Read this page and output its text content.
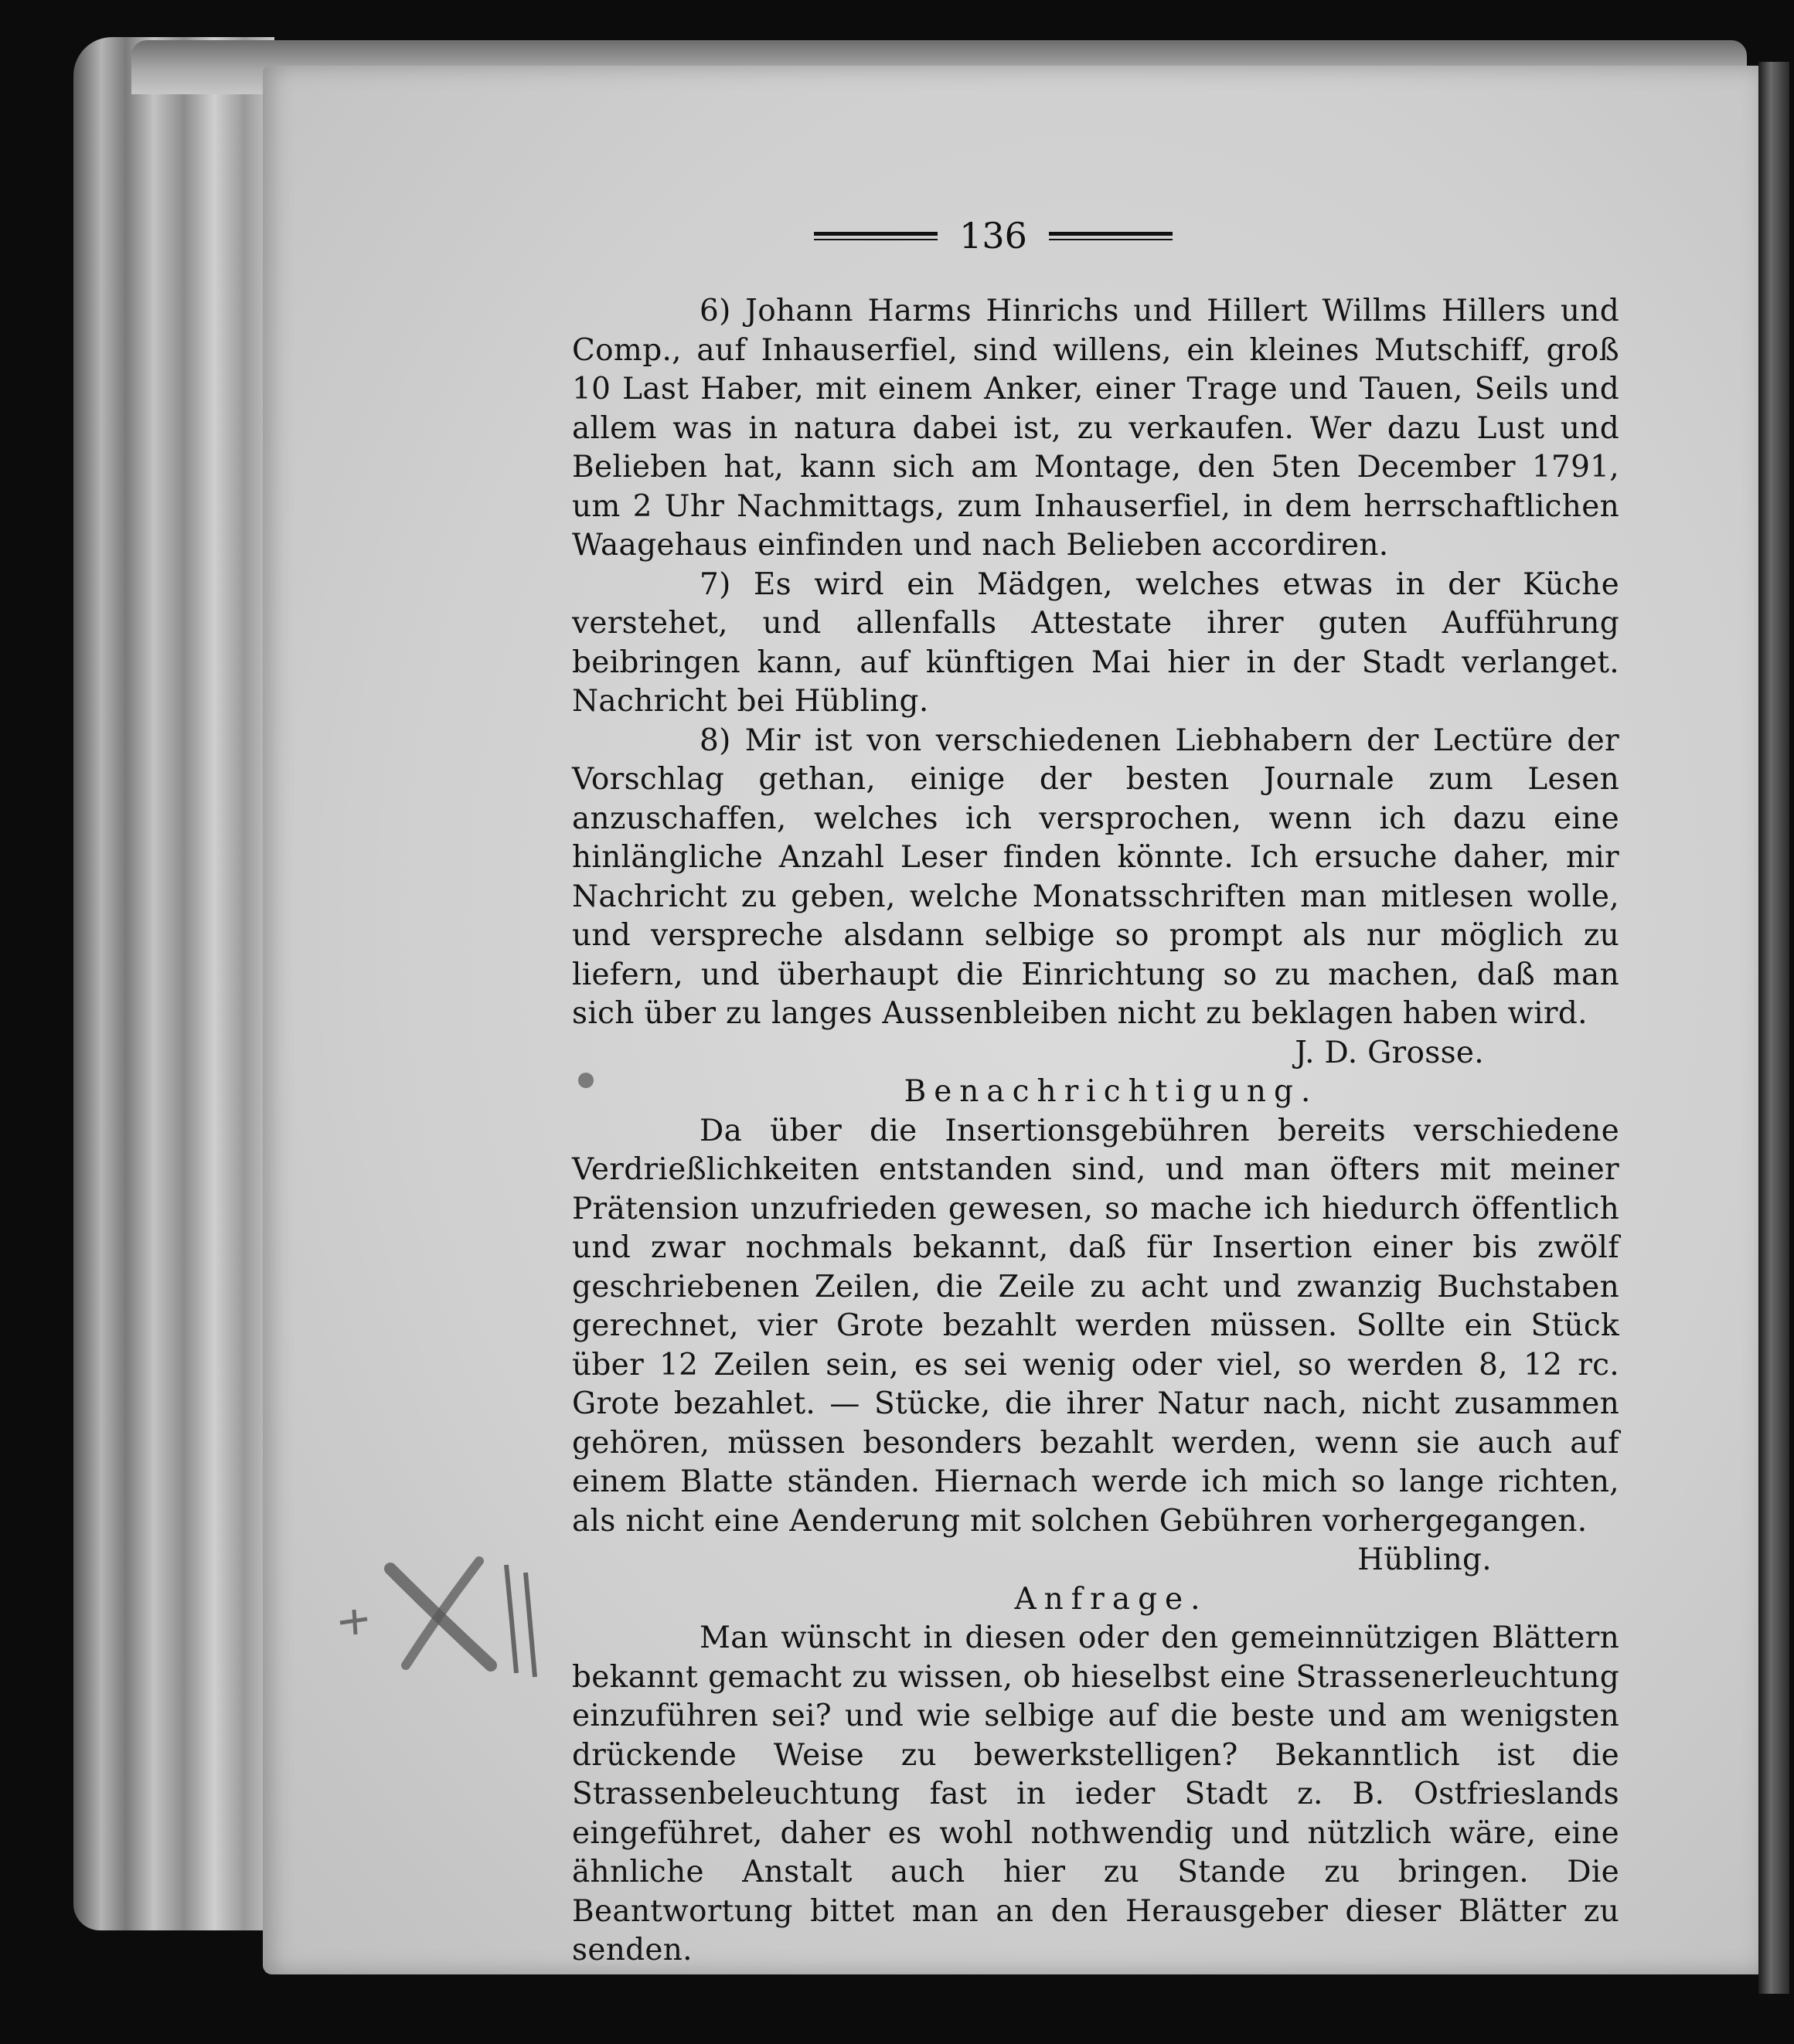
136

6) Johann Harms Hinrichs und Hillert Willms Hillers und Comp., auf Inhauserfiel, sind willens, ein kleines Mutschiff, groß 10 Last Haber, mit einem Anker, einer Trage und Tauen, Seils und allem was in natura dabei ist, zu verkaufen. Wer dazu Lust und Belieben hat, kann sich am Montage, den 5ten December 1791, um 2 Uhr Nachmittags, zum Inhauserfiel, in dem herrschaftlichen Waagehaus einfinden und nach Belieben accordiren.

7) Es wird ein Mädgen, welches etwas in der Küche verstehet, und allenfalls Attestate ihrer guten Aufführung beibringen kann, auf künftigen Mai hier in der Stadt verlanget. Nachricht bei Hübling.

8) Mir ist von verschiedenen Liebhabern der Lectüre der Vorschlag gethan, einige der besten Journale zum Lesen anzuschaffen, welches ich versprochen, wenn ich dazu eine hinlängliche Anzahl Leser finden könnte. Ich ersuche daher, mir Nachricht zu geben, welche Monatsschriften man mitlesen wolle, und verspreche alsdann selbige so prompt als nur möglich zu liefern, und überhaupt die Einrichtung so zu machen, daß man sich über zu langes Aussenbleiben nicht zu beklagen haben wird.

J. D. Grosse.
Benachrichtigung.

Da über die Insertionsgebühren bereits verschiedene Verdrießlichkeiten entstanden sind, und man öfters mit meiner Prätension unzufrieden gewesen, so mache ich hiedurch öffentlich und zwar nochmals bekannt, daß für Insertion einer bis zwölf geschriebenen Zeilen, die Zeile zu acht und zwanzig Buchstaben gerechnet, vier Grote bezahlt werden müssen. Sollte ein Stück über 12 Zeilen sein, es sei wenig oder viel, so werden 8, 12 rc. Grote bezahlet. — Stücke, die ihrer Natur nach, nicht zusammen gehören, müssen besonders bezahlt werden, wenn sie auch auf einem Blatte ständen. Hiernach werde ich mich so lange richten, als nicht eine Aenderung mit solchen Gebühren vorhergegangen.

Hübling.
Anfrage.

Man wünscht in diesen oder den gemeinnützigen Blättern bekannt gemacht zu wissen, ob hieselbst eine Strassenerleuchtung einzuführen sei? und wie selbige auf die beste und am wenigsten drückende Weise zu bewerkstelligen? Bekanntlich ist die Strassenbeleuchtung fast in ieder Stadt z. B. Ostfrieslands eingeführet, daher es wohl nothwendig und nützlich wäre, eine ähnliche Anstalt auch hier zu Stande zu bringen. Die Beantwortung bittet man an den Herausgeber dieser Blätter zu senden.
